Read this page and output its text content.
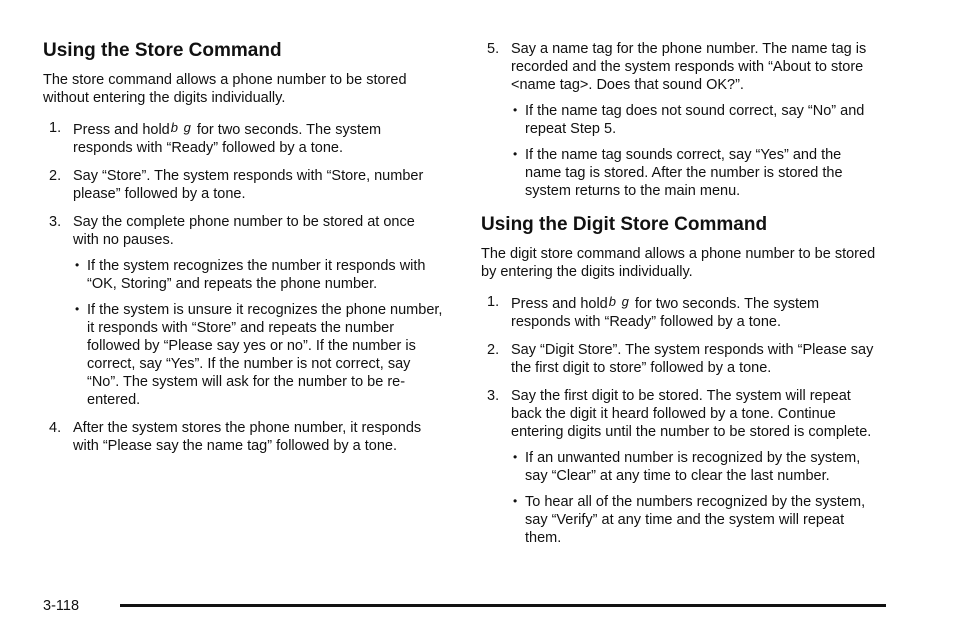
Using the Store Command

The store command allows a phone number to be stored without entering the digits individually.

1. Press and holdb g for two seconds. The system responds with “Ready” followed by a tone.
2. Say “Store”. The system responds with “Store, number please” followed by a tone.
3. Say the complete phone number to be stored at once with no pauses.
• If the system recognizes the number it responds with “OK, Storing” and repeats the phone number.
• If the system is unsure it recognizes the phone number, it responds with “Store” and repeats the number followed by “Please say yes or no”. If the number is correct, say “Yes”. If the number is not correct, say “No”. The system will ask for the number to be re-entered.
4. After the system stores the phone number, it responds with “Please say the name tag” followed by a tone.
5. Say a name tag for the phone number. The name tag is recorded and the system responds with “About to store <name tag>. Does that sound OK?”.
• If the name tag does not sound correct, say “No” and repeat Step 5.
• If the name tag sounds correct, say “Yes” and the name tag is stored. After the number is stored the system returns to the main menu.
Using the Digit Store Command

The digit store command allows a phone number to be stored by entering the digits individually.

1. Press and holdb g for two seconds. The system responds with “Ready” followed by a tone.
2. Say “Digit Store”. The system responds with “Please say the first digit to store” followed by a tone.
3. Say the first digit to be stored. The system will repeat back the digit it heard followed by a tone. Continue entering digits until the number to be stored is complete.
• If an unwanted number is recognized by the system, say “Clear” at any time to clear the last number.
• To hear all of the numbers recognized by the system, say “Verify” at any time and the system will repeat them.
3-118
